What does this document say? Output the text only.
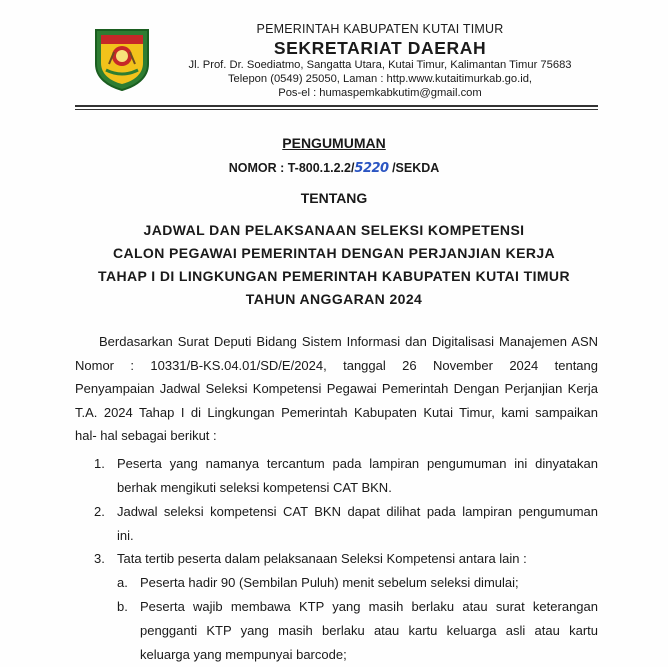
PEMERINTAH KABUPATEN KUTAI TIMUR
SEKRETARIAT DAERAH
Jl. Prof. Dr. Soediatmo, Sangatta Utara, Kutai Timur, Kalimantan Timur 75683
Telepon (0549) 25050, Laman : http.www.kutaitimurkab.go.id,
Pos-el : humaspemkabkutim@gmail.com
PENGUMUMAN
NOMOR : T-800.1.2.2/5220 /SEKDA
TENTANG
JADWAL DAN PELAKSANAAN SELEKSI KOMPETENSI
CALON PEGAWAI PEMERINTAH DENGAN PERJANJIAN KERJA
TAHAP I DI LINGKUNGAN PEMERINTAH KABUPATEN KUTAI TIMUR
TAHUN ANGGARAN 2024
Berdasarkan Surat Deputi Bidang Sistem Informasi dan Digitalisasi Manajemen ASN
Nomor   :   10331/B-KS.04.01/SD/E/2024,   tanggal   26   November   2024   tentang
Penyampaian Jadwal Seleksi Kompetensi Pegawai Pemerintah Dengan Perjanjian Kerja
T.A. 2024 Tahap I di Lingkungan Pemerintah Kabupaten Kutai Timur, kami sampaikan
hal- hal sebagai berikut :
1. Peserta yang namanya tercantum pada lampiran pengumuman ini dinyatakan
berhak mengikuti seleksi kompetensi CAT BKN.
2. Jadwal seleksi kompetensi CAT BKN dapat dilihat pada lampiran pengumuman
ini.
3. Tata tertib peserta dalam pelaksanaan Seleksi Kompetensi antara lain :
a. Peserta hadir 90 (Sembilan Puluh) menit sebelum seleksi dimulai;
b. Peserta wajib membawa KTP yang masih berlaku atau surat keterangan
pengganti KTP yang masih berlaku atau kartu keluarga asli atau kartu
keluarga yang mempunyai barcode;
